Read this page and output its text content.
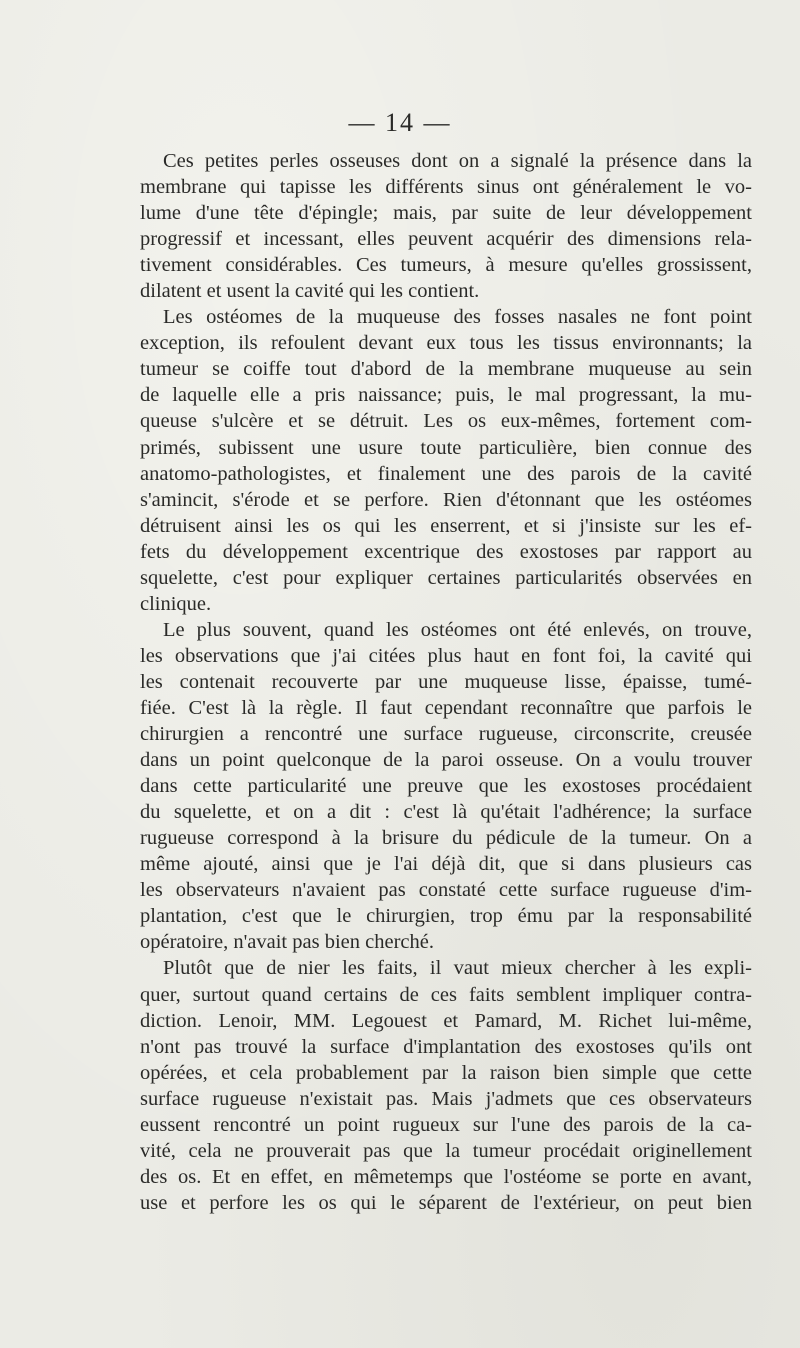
— 14 —
Ces petites perles osseuses dont on a signalé la présence dans la
membrane qui tapisse les différents sinus ont généralement le vo-
lume d'une tête d'épingle; mais, par suite de leur développement
progressif et incessant, elles peuvent acquérir des dimensions rela-
tivement considérables. Ces tumeurs, à mesure qu'elles grossissent,
dilatent et usent la cavité qui les contient.
Les ostéomes de la muqueuse des fosses nasales ne font point
exception, ils refoulent devant eux tous les tissus environnants; la
tumeur se coiffe tout d'abord de la membrane muqueuse au sein
de laquelle elle a pris naissance; puis, le mal progressant, la mu-
queuse s'ulcère et se détruit. Les os eux-mêmes, fortement com-
primés, subissent une usure toute particulière, bien connue des
anatomo-pathologistes, et finalement une des parois de la cavité
s'amincit, s'érode et se perfore. Rien d'étonnant que les ostéomes
détruisent ainsi les os qui les enserrent, et si j'insiste sur les ef-
fets du développement excentrique des exostoses par rapport au
squelette, c'est pour expliquer certaines particularités observées en
clinique.
Le plus souvent, quand les ostéomes ont été enlevés, on trouve,
les observations que j'ai citées plus haut en font foi, la cavité qui
les contenait recouverte par une muqueuse lisse, épaisse, tumé-
fiée. C'est là la règle. Il faut cependant reconnaître que parfois le
chirurgien a rencontré une surface rugueuse, circonscrite, creusée
dans un point quelconque de la paroi osseuse. On a voulu trouver
dans cette particularité une preuve que les exostoses procédaient
du squelette, et on a dit : c'est là qu'était l'adhérence; la surface
rugueuse correspond à la brisure du pédicule de la tumeur. On a
même ajouté, ainsi que je l'ai déjà dit, que si dans plusieurs cas
les observateurs n'avaient pas constaté cette surface rugueuse d'im-
plantation, c'est que le chirurgien, trop ému par la responsabilité
opératoire, n'avait pas bien cherché.
Plutôt que de nier les faits, il vaut mieux chercher à les expli-
quer, surtout quand certains de ces faits semblent impliquer contra-
diction. Lenoir, MM. Legouest et Pamard, M. Richet lui-même,
n'ont pas trouvé la surface d'implantation des exostoses qu'ils ont
opérées, et cela probablement par la raison bien simple que cette
surface rugueuse n'existait pas. Mais j'admets que ces observateurs
eussent rencontré un point rugueux sur l'une des parois de la ca-
vité, cela ne prouverait pas que la tumeur procédait originellement
des os. Et en effet, en mêmetemps que l'ostéome se porte en avant,
use et perfore les os qui le séparent de l'extérieur, on peut bien
